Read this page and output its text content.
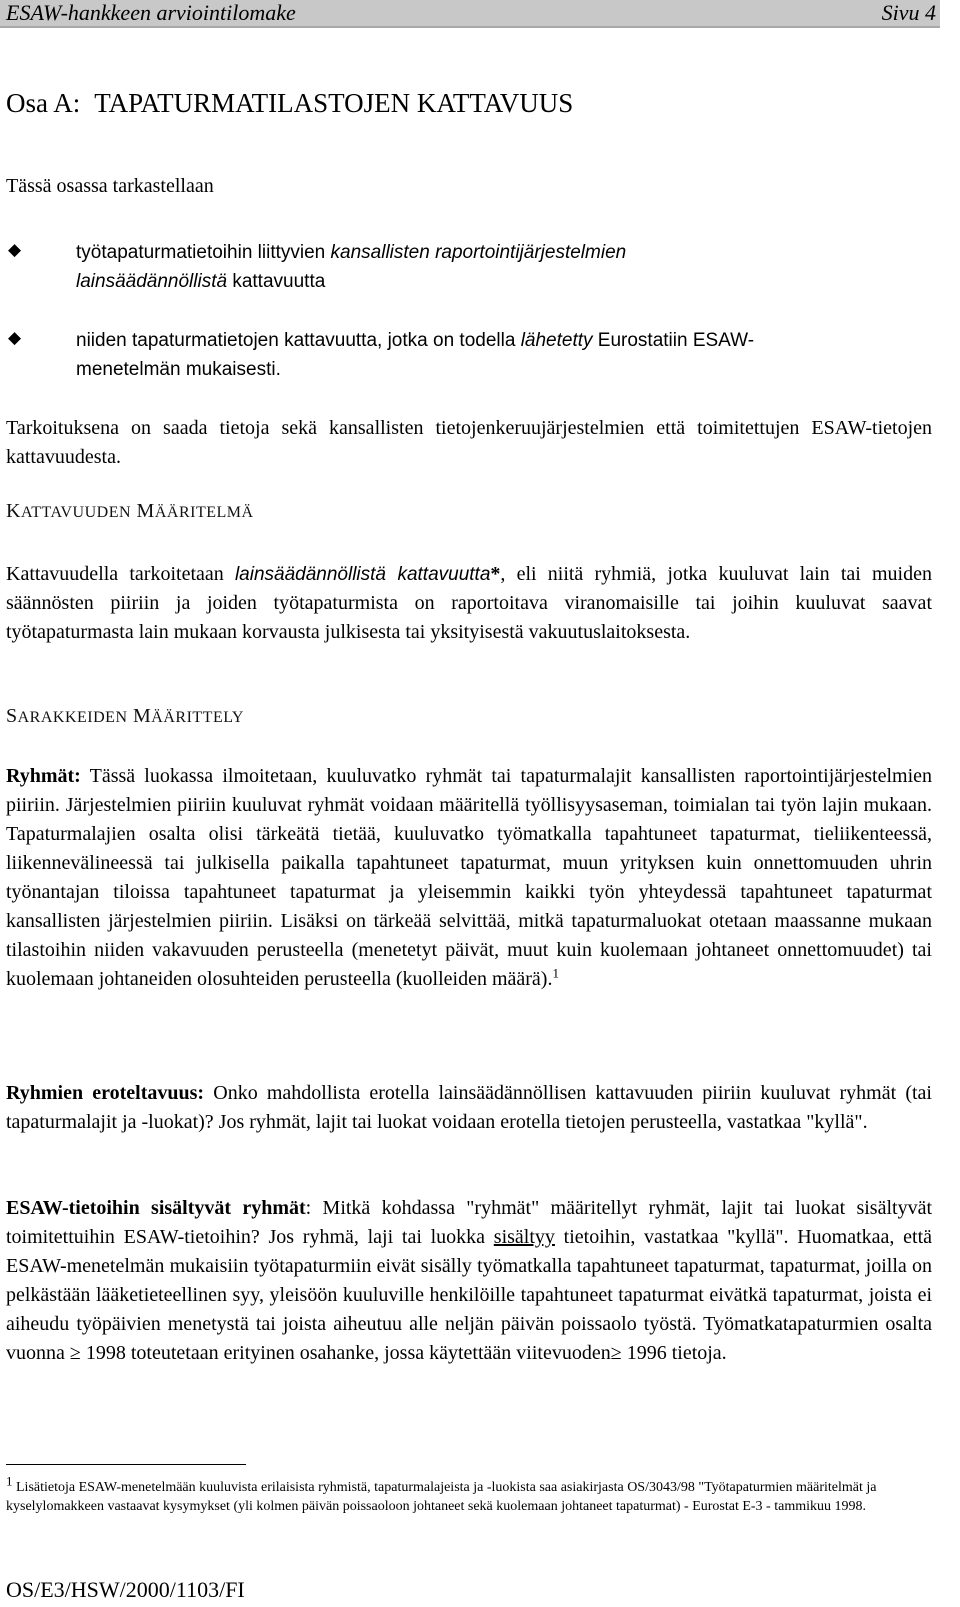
ESAW-hankkeen arviointilomake	Sivu 4
Osa A: TAPATURMATILASTOJEN KATTAVUUS
Tässä osassa tarkastellaan
◆	työtapaturmatietoihin liittyvien kansallisten raportointijärjestelmien
lainsäädännöllistä kattavuutta
◆	niiden tapaturmatietojen kattavuutta, jotka on todella lähetetty Eurostatiin ESAW-
menetelmän mukaisesti.
Tarkoituksena on saada tietoja sekä kansallisten tietojenkeruujärjestelmien että toimitettujen ESAW-tietojen kattavuudesta.
KATTAVUUDEN MÄÄRITELMÄ
Kattavuudella tarkoitetaan lainsäädännöllistä kattavuutta*, eli niitä ryhmiä, jotka kuuluvat lain tai muiden säännösten piiriin ja joiden työtapaturmista on raportoitava viranomaisille tai joihin kuuluvat saavat työtapaturmasta lain mukaan korvausta julkisesta tai yksityisestä vakuutuslaitoksesta.
SARAKKEIDEN MÄÄRITTELY
Ryhmät: Tässä luokassa ilmoitetaan, kuuluvatko ryhmät tai tapaturmalajit kansallisten raportointijärjestelmien piiriin. Järjestelmien piiriin kuuluvat ryhmät voidaan määritellä työllisyysaseman, toimialan tai työn lajin mukaan. Tapaturmalajien osalta olisi tärkeätä tietää, kuuluvatko työmatkalla tapahtuneet tapaturmat, tieliikenteessä, liikennevälineessä tai julkisella paikalla tapahtuneet tapaturmat, muun yrityksen kuin onnettomuuden uhrin työnantajan tiloissa tapahtuneet tapaturmat ja yleisemmin kaikki työn yhteydessä tapahtuneet tapaturmat kansallisten järjestelmien piiriin. Lisäksi on tärkeää selvittää, mitkä tapaturmaluokat otetaan maassanne mukaan tilastoihin niiden vakavuuden perusteella (menetetyt päivät, muut kuin kuolemaan johtaneet onnettomuudet) tai kuolemaan johtaneiden olosuhteiden perusteella (kuolleiden määrä).$^1$
Ryhmien eroteltavuus: Onko mahdollista erotella lainsäädännöllisen kattavuuden piiriin kuuluvat ryhmät (tai tapaturmalajit ja -luokat)? Jos ryhmät, lajit tai luokat voidaan erotella tietojen perusteella, vastatkaa "kyllä".
ESAW-tietoihin sisältyvät ryhmät: Mitkä kohdassa "ryhmät" määritellyt ryhmät, lajit tai luokat sisältyvät toimitettuihin ESAW-tietoihin? Jos ryhmä, laji tai luokka sisältyy tietoihin, vastatkaa "kyllä". Huomatkaa, että ESAW-menetelmän mukaisiin työtapaturmiin eivät sisälly työmatkalla tapahtuneet tapaturmat, tapaturmat, joilla on pelkästään lääketieteellinen syy, yleisöön kuuluville henkilöille tapahtuneet tapaturmat eivätkä tapaturmat, joista ei aiheudu työpäivien menetystä tai joista aiheutuu alle neljän päivän poissaolo työstä. Työmatkatapaturmien osalta vuonna ≥ 1998 toteutetaan erityinen osahanke, jossa käytettään viitevuoden≥ 1996 tietoja.
$^1$ Lisätietoja ESAW-menetelmään kuuluvista erilaisista ryhmistä, tapaturmalajeista ja -luokista saa asiakirjasta OS/3043/98 "Työtapaturmien määritelmät ja kyselylomakkeen vastaavat kysymykset (yli kolmen päivän poissaoloon johtaneet sekä kuolemaan johtaneet tapaturmat) - Eurostat E-3 - tammikuu 1998.
OS/E3/HSW/2000/1103/FI
